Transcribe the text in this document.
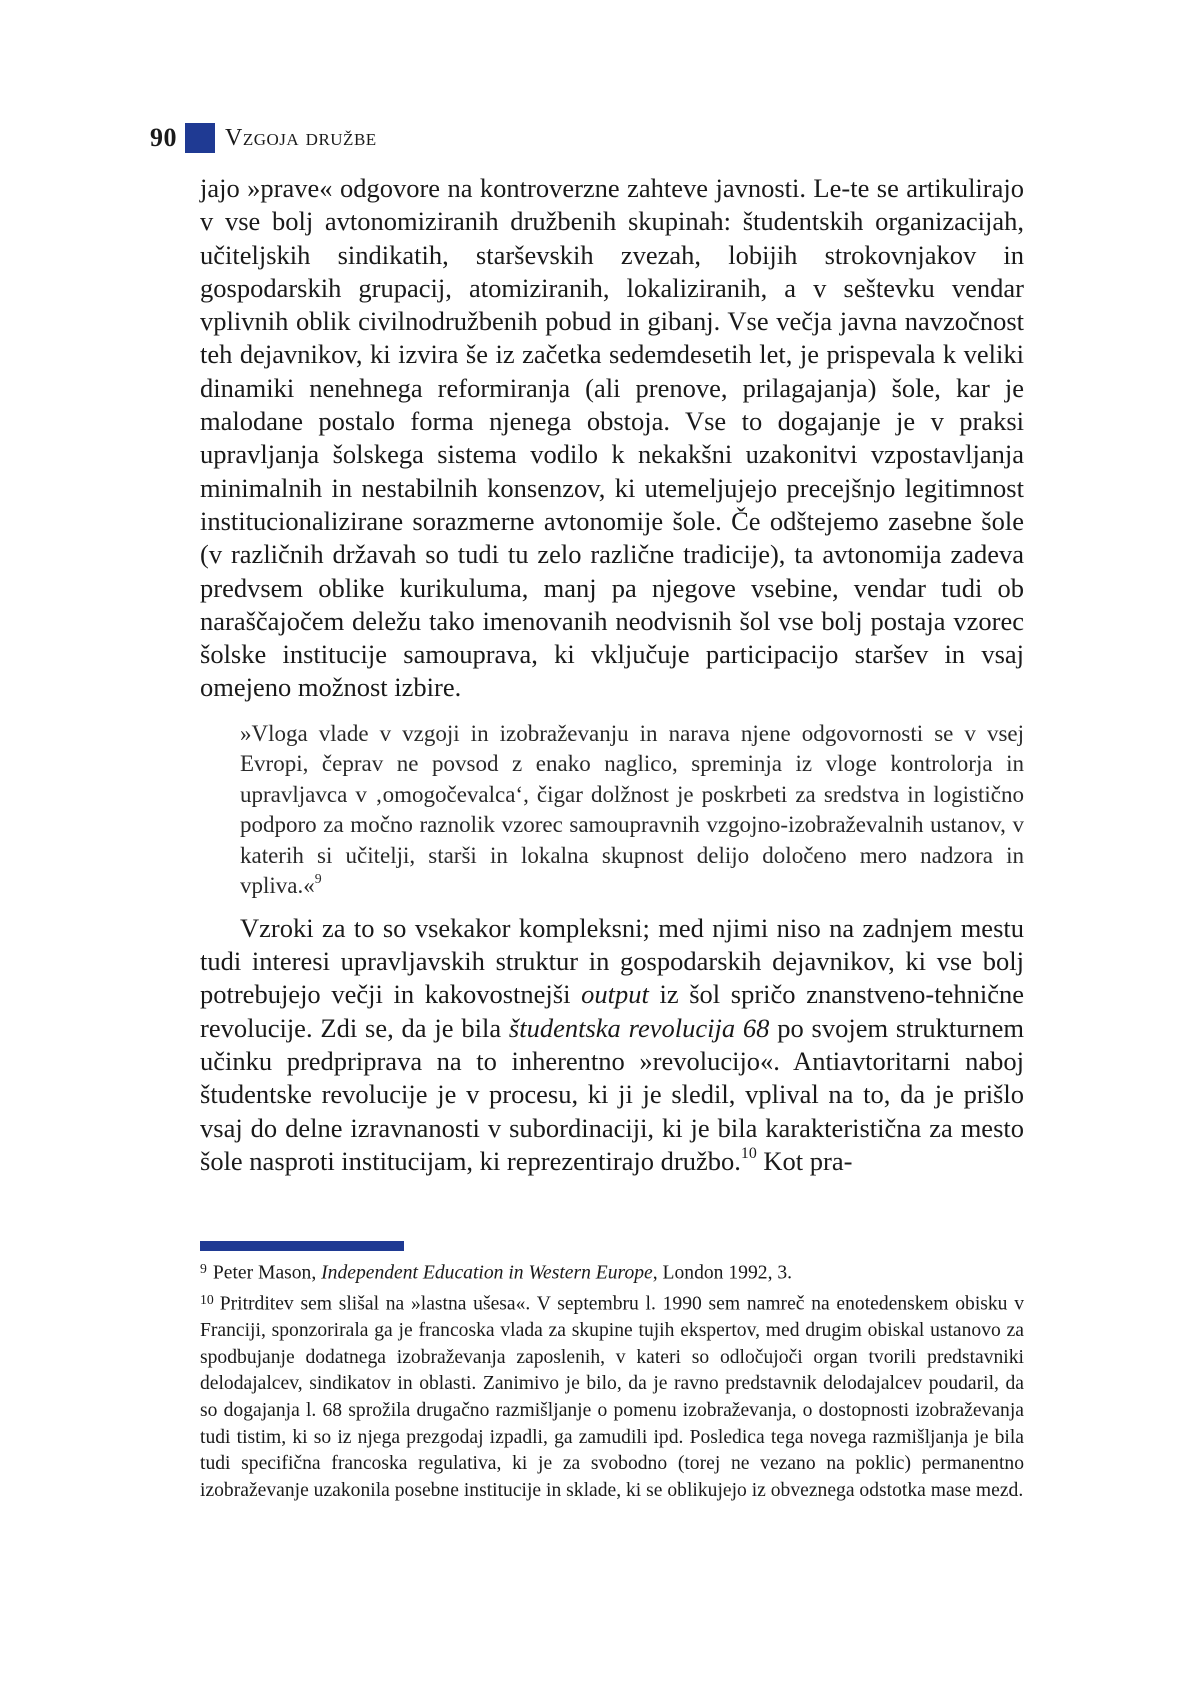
90 Vzgoja družbe

jajo »prave« odgovore na kontroverzne zahteve javnosti. Le-te se artikulirajo v vse bolj avtonomiziranih družbenih skupinah: študentskih organizacijah, učiteljskih sindikatih, starševskih zvezah, lobijih strokovnjakov in gospodarskih grupacij, atomiziranih, lokaliziranih, a v seštevku vendar vplivnih oblik civilnodružbenih pobud in gibanj. Vse večja javna navzočnost teh dejavnikov, ki izvira še iz začetka sedemdesetih let, je prispevala k veliki dinamiki nenehnega reformiranja (ali prenove, prilagajanja) šole, kar je malodane postalo forma njenega obstoja. Vse to dogajanje je v praksi upravljanja šolskega sistema vodilo k nekakšni uzakonitvi vzpostavljanja minimalnih in nestabilnih konsenzov, ki utemeljujejo precejšnjo legitimnost institucionalizirane sorazmerne avtonomije šole. Če odštejemo zasebne šole (v različnih državah so tudi tu zelo različne tradicije), ta avtonomija zadeva predvsem oblike kurikuluma, manj pa njegove vsebine, vendar tudi ob naraščajočem deležu tako imenovanih neodvisnih šol vse bolj postaja vzorec šolske institucije samouprava, ki vključuje participacijo staršev in vsaj omejeno možnost izbire.

»Vloga vlade v vzgoji in izobraževanju in narava njene odgovornosti se v vsej Evropi, čeprav ne povsod z enako naglico, spreminja iz vloge kontrolorja in upravljavca v ‚omogočevalca‘, čigar dolžnost je poskrbeti za sredstva in logistično podporo za močno raznolik vzorec samoupravnih vzgojno-izobraževalnih ustanov, v katerih si učitelji, starši in lokalna skupnost delijo določeno mero nadzora in vpliva.«$^9$

Vzroki za to so vsekakor kompleksni; med njimi niso na zadnjem mestu tudi interesi upravljavskih struktur in gospodarskih dejavnikov, ki vse bolj potrebujejo večji in kakovostnejši output iz šol spričo znanstveno-tehnične revolucije. Zdi se, da je bila študentska revolucija 68 po svojem strukturnem učinku predpriprava na to inherentno »revolucijo«. Antiavtoritarni naboj študentske revolucije je v procesu, ki ji je sledil, vplival na to, da je prišlo vsaj do delne izravnanosti v subordinaciji, ki je bila karakteristična za mesto šole nasproti institucijam, ki reprezentirajo družbo.$^{10}$ Kot pra-

$^9$ Peter Mason, Independent Education in Western Europe, London 1992, 3.

$^{10}$ Pritrditev sem slišal na »lastna ušesa«. V septembru l. 1990 sem namreč na enotedenskem obisku v Franciji, sponzorirala ga je francoska vlada za skupine tujih ekspertov, med drugim obiskal ustanovo za spodbujanje dodatnega izobraževanja zaposlenih, v kateri so odločujoči organ tvorili predstavniki delodajalcev, sindikatov in oblasti. Zanimivo je bilo, da je ravno predstavnik delodajalcev poudaril, da so dogajanja l. 68 sprožila drugačno razmišljanje o pomenu izobraževanja, o dostopnosti izobraževanja tudi tistim, ki so iz njega prezgodaj izpadli, ga zamudili ipd. Posledica tega novega razmišljanja je bila tudi specifična francoska regulativa, ki je za svobodno (torej ne vezano na poklic) permanentno izobraževanje uzakonila posebne institucije in sklade, ki se oblikujejo iz obveznega odstotka mase mezd.
